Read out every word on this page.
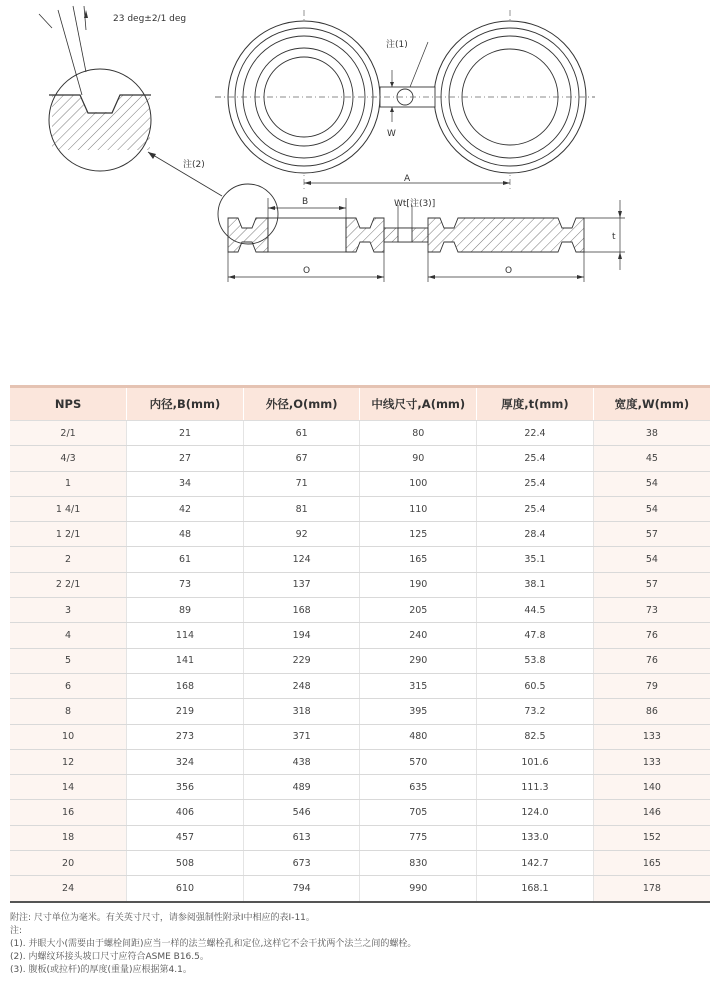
23 deg±2/1 deg
注(2)
W
注(1)
A
B	Wt[注(3)]
t
O	O
NPS	内径,B(mm)	外径,O(mm)	中线尺寸,A(mm)	厚度,t(mm)	宽度,W(mm)
2/1	21	61	80	22.4	38
4/3	27	67	90	25.4	45
1	34	71	100	25.4	54
1 4/1	42	81	110	25.4	54
1 2/1	48	92	125	28.4	57
2	61	124	165	35.1	54
2 2/1	73	137	190	38.1	57
3	89	168	205	44.5	73
4	114	194	240	47.8	76
5	141	229	290	53.8	76
6	168	248	315	60.5	79
8	219	318	395	73.2	86
10	273	371	480	82.5	133
12	324	438	570	101.6	133
14	356	489	635	111.3	140
16	406	546	705	124.0	146
18	457	613	775	133.0	152
20	508	673	830	142.7	165
24	610	794	990	168.1	178
附注: 尺寸单位为毫米。有关英寸尺寸，请参阅强制性附录I中相应的表I-11。
注:
(1). 并眼大小(需要由于螺栓间距)应当一样的法兰螺栓孔和定位,这样它不会干扰两个法兰之间的螺栓。
(2). 内螺纹环接头坡口尺寸应符合ASME B16.5。
(3). 腹板(或拉杆)的厚度(重量)应根据第4.1。
